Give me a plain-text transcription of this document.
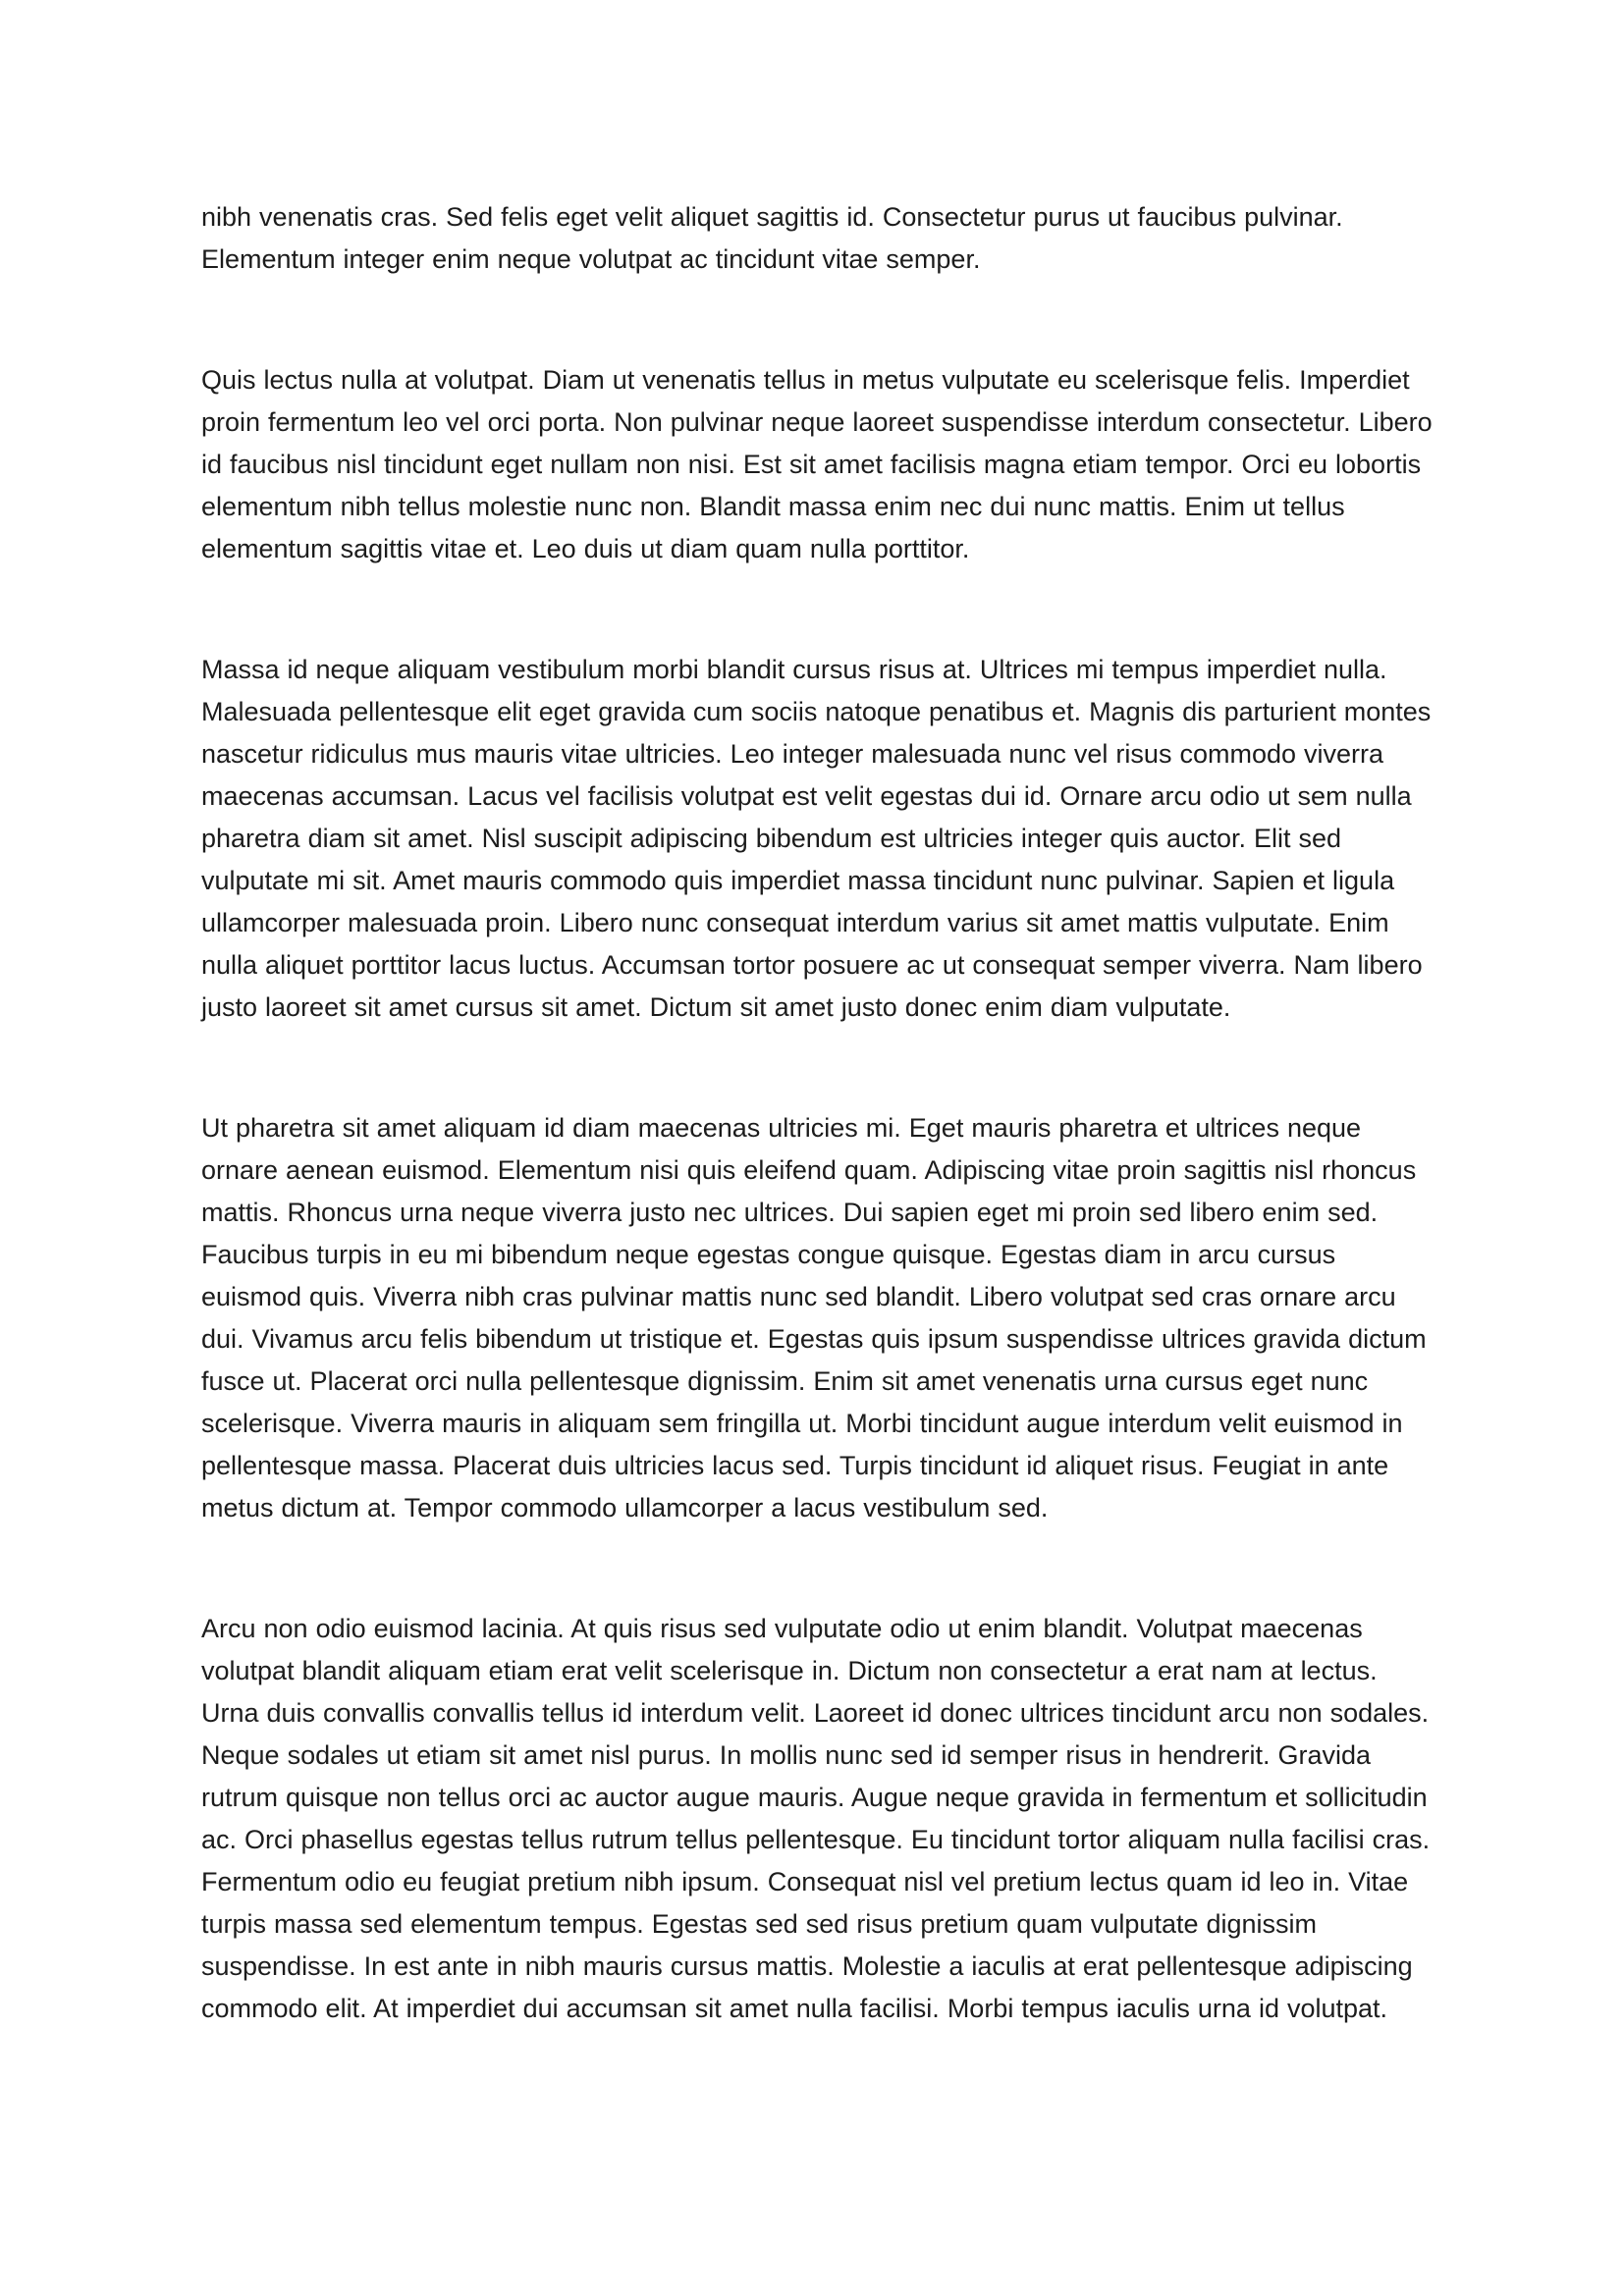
nibh venenatis cras. Sed felis eget velit aliquet sagittis id. Consectetur purus ut faucibus pulvinar. Elementum integer enim neque volutpat ac tincidunt vitae semper.

Quis lectus nulla at volutpat. Diam ut venenatis tellus in metus vulputate eu scelerisque felis. Imperdiet proin fermentum leo vel orci porta. Non pulvinar neque laoreet suspendisse interdum consectetur. Libero id faucibus nisl tincidunt eget nullam non nisi. Est sit amet facilisis magna etiam tempor. Orci eu lobortis elementum nibh tellus molestie nunc non. Blandit massa enim nec dui nunc mattis. Enim ut tellus elementum sagittis vitae et. Leo duis ut diam quam nulla porttitor.

Massa id neque aliquam vestibulum morbi blandit cursus risus at. Ultrices mi tempus imperdiet nulla. Malesuada pellentesque elit eget gravida cum sociis natoque penatibus et. Magnis dis parturient montes nascetur ridiculus mus mauris vitae ultricies. Leo integer malesuada nunc vel risus commodo viverra maecenas accumsan. Lacus vel facilisis volutpat est velit egestas dui id. Ornare arcu odio ut sem nulla pharetra diam sit amet. Nisl suscipit adipiscing bibendum est ultricies integer quis auctor. Elit sed vulputate mi sit. Amet mauris commodo quis imperdiet massa tincidunt nunc pulvinar. Sapien et ligula ullamcorper malesuada proin. Libero nunc consequat interdum varius sit amet mattis vulputate. Enim nulla aliquet porttitor lacus luctus. Accumsan tortor posuere ac ut consequat semper viverra. Nam libero justo laoreet sit amet cursus sit amet. Dictum sit amet justo donec enim diam vulputate.

Ut pharetra sit amet aliquam id diam maecenas ultricies mi. Eget mauris pharetra et ultrices neque ornare aenean euismod. Elementum nisi quis eleifend quam. Adipiscing vitae proin sagittis nisl rhoncus mattis. Rhoncus urna neque viverra justo nec ultrices. Dui sapien eget mi proin sed libero enim sed. Faucibus turpis in eu mi bibendum neque egestas congue quisque. Egestas diam in arcu cursus euismod quis. Viverra nibh cras pulvinar mattis nunc sed blandit. Libero volutpat sed cras ornare arcu dui. Vivamus arcu felis bibendum ut tristique et. Egestas quis ipsum suspendisse ultrices gravida dictum fusce ut. Placerat orci nulla pellentesque dignissim. Enim sit amet venenatis urna cursus eget nunc scelerisque. Viverra mauris in aliquam sem fringilla ut. Morbi tincidunt augue interdum velit euismod in pellentesque massa. Placerat duis ultricies lacus sed. Turpis tincidunt id aliquet risus. Feugiat in ante metus dictum at. Tempor commodo ullamcorper a lacus vestibulum sed.

Arcu non odio euismod lacinia. At quis risus sed vulputate odio ut enim blandit. Volutpat maecenas volutpat blandit aliquam etiam erat velit scelerisque in. Dictum non consectetur a erat nam at lectus. Urna duis convallis convallis tellus id interdum velit. Laoreet id donec ultrices tincidunt arcu non sodales. Neque sodales ut etiam sit amet nisl purus. In mollis nunc sed id semper risus in hendrerit. Gravida rutrum quisque non tellus orci ac auctor augue mauris. Augue neque gravida in fermentum et sollicitudin ac. Orci phasellus egestas tellus rutrum tellus pellentesque. Eu tincidunt tortor aliquam nulla facilisi cras. Fermentum odio eu feugiat pretium nibh ipsum. Consequat nisl vel pretium lectus quam id leo in. Vitae turpis massa sed elementum tempus. Egestas sed sed risus pretium quam vulputate dignissim suspendisse. In est ante in nibh mauris cursus mattis. Molestie a iaculis at erat pellentesque adipiscing commodo elit. At imperdiet dui accumsan sit amet nulla facilisi. Morbi tempus iaculis urna id volutpat.
